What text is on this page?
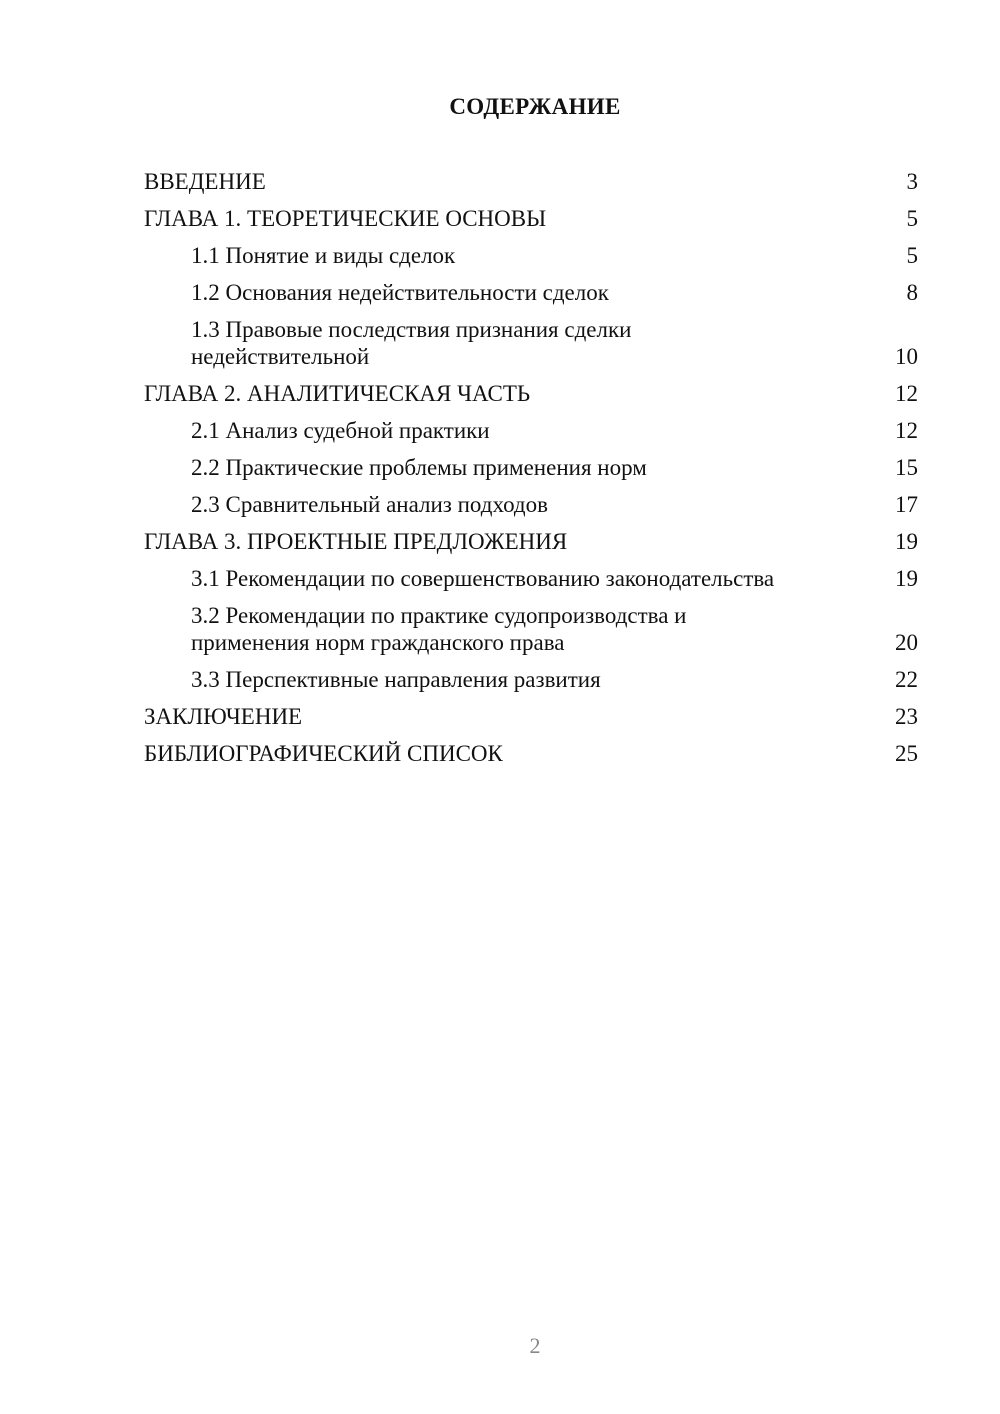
СОДЕРЖАНИЕ
ВВЕДЕНИЕ	3
ГЛАВА 1. ТЕОРЕТИЧЕСКИЕ ОСНОВЫ	5
1.1 Понятие и виды сделок	5
1.2 Основания недействительности сделок	8
1.3 Правовые последствия признания сделки недействительной	10
ГЛАВА 2. АНАЛИТИЧЕСКАЯ ЧАСТЬ	12
2.1 Анализ судебной практики	12
2.2 Практические проблемы применения норм	15
2.3 Сравнительный анализ подходов	17
ГЛАВА 3. ПРОЕКТНЫЕ ПРЕДЛОЖЕНИЯ	19
3.1 Рекомендации по совершенствованию законодательства	19
3.2 Рекомендации по практике судопроизводства и применения норм гражданского права	20
3.3 Перспективные направления развития	22
ЗАКЛЮЧЕНИЕ	23
БИБЛИОГРАФИЧЕСКИЙ СПИСОК	25
2
